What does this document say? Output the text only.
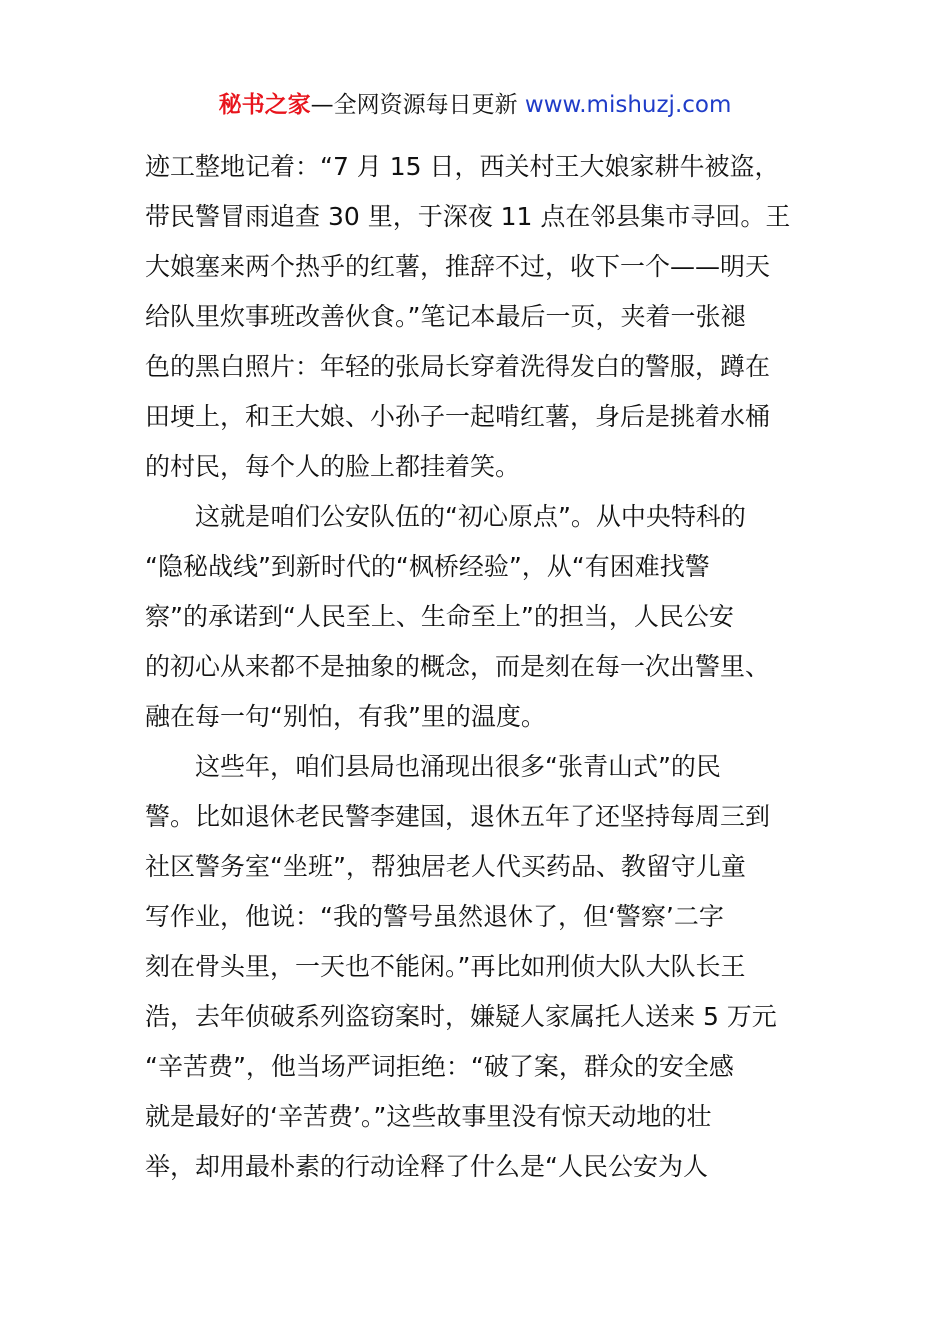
秘书之家—全网资源每日更新 www.mishuzj.com
迹工整地记着：“7 月 15 日，西关村王大娘家耕牛被盗，
带民警冒雨追查 30 里，于深夜 11 点在邻县集市寻回。王
大娘塞来两个热乎的红薯，推辞不过，收下一个——明天
给队里炊事班改善伙食。”笔记本最后一页，夹着一张褪
色的黑白照片：年轻的张局长穿着洗得发白的警服，蹲在
田埂上，和王大娘、小孙子一起啃红薯，身后是挑着水桶
的村民，每个人的脸上都挂着笑。
　　这就是咱们公安队伍的“初心原点”。从中央特科的
“隐秘战线”到新时代的“枫桥经验”，从“有困难找警
察”的承诺到“人民至上、生命至上”的担当，人民公安
的初心从来都不是抽象的概念，而是刻在每一次出警里、
融在每一句“别怕，有我”里的温度。
　　这些年，咱们县局也涌现出很多“张青山式”的民
警。比如退休老民警李建国，退休五年了还坚持每周三到
社区警务室“坐班”，帮独居老人代买药品、教留守儿童
写作业，他说：“我的警号虽然退休了，但‘警察’二字
刻在骨头里，一天也不能闲。”再比如刑侦大队大队长王
浩，去年侦破系列盗窃案时，嫌疑人家属托人送来 5 万元
“辛苦费”，他当场严词拒绝：“破了案，群众的安全感
就是最好的‘辛苦费’。”这些故事里没有惊天动地的壮
举，却用最朴素的行动诠释了什么是“人民公安为人
